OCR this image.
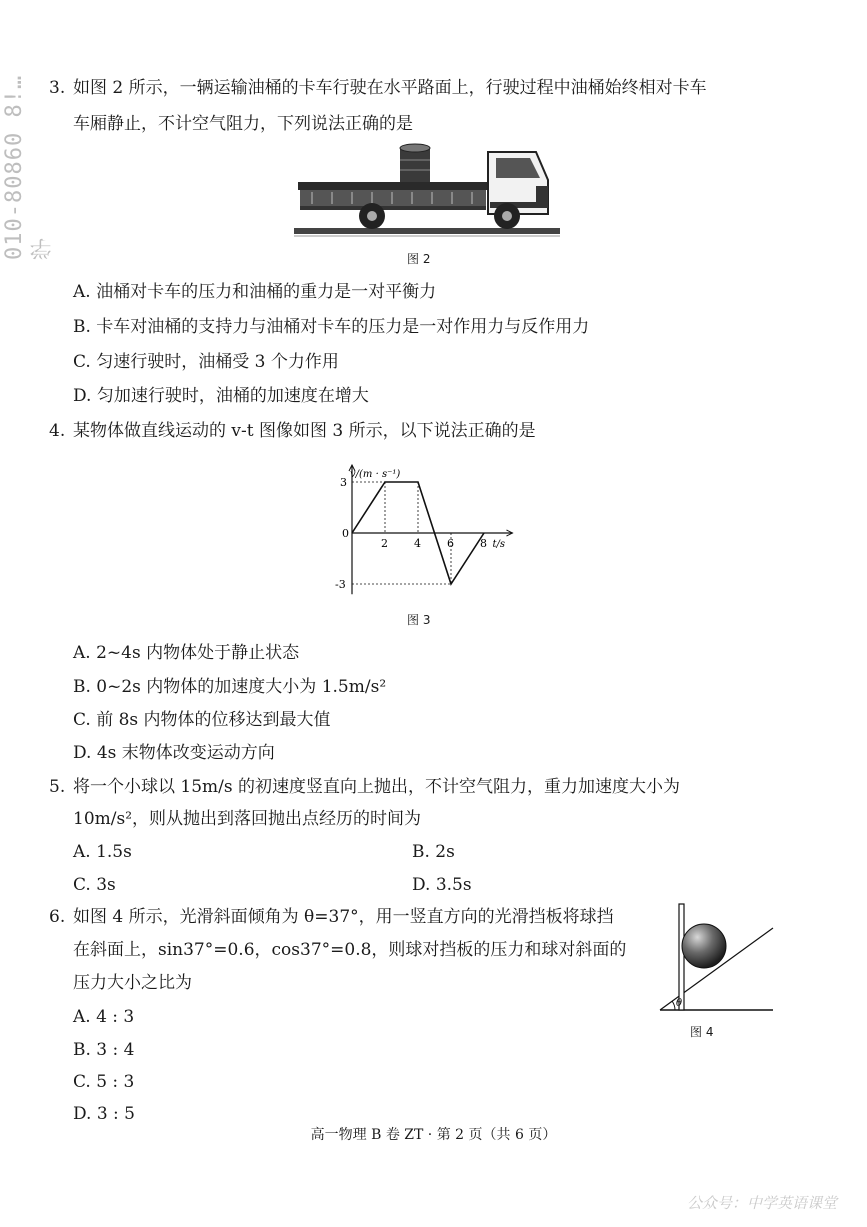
010-80860 8!…学
3. 如图 2 所示，一辆运输油桶的卡车行驶在水平路面上，行驶过程中油桶始终相对卡车
车厢静止，不计空气阻力，下列说法正确的是
图 2
A. 油桶对卡车的压力和油桶的重力是一对平衡力
B. 卡车对油桶的支持力与油桶对卡车的压力是一对作用力与反作用力
C. 匀速行驶时，油桶受 3 个力作用
D. 匀加速行驶时，油桶的加速度在增大
4. 某物体做直线运动的 v-t 图像如图 3 所示，以下说法正确的是
v/(m · s⁻¹)
t/s
0
2 4 6 8
3
-3
图 3
A. 2~4s 内物体处于静止状态
B. 0~2s 内物体的加速度大小为 1.5m/s²
C. 前 8s 内物体的位移达到最大值
D. 4s 末物体改变运动方向
5. 将一个小球以 15m/s 的初速度竖直向上抛出，不计空气阻力，重力加速度大小为
10m/s²，则从抛出到落回抛出点经历的时间为
A. 1.5s	B. 2s
C. 3s	D. 3.5s
6. 如图 4 所示，光滑斜面倾角为 θ=37°，用一竖直方向的光滑挡板将球挡
在斜面上，sin37°=0.6，cos37°=0.8，则球对挡板的压力和球对斜面的
压力大小之比为
θ
图 4
A. 4 : 3
B. 3 : 4
C. 5 : 3
D. 3 : 5
高一物理 B 卷 ZT · 第 2 页（共 6 页）
公众号：中学英语课堂
